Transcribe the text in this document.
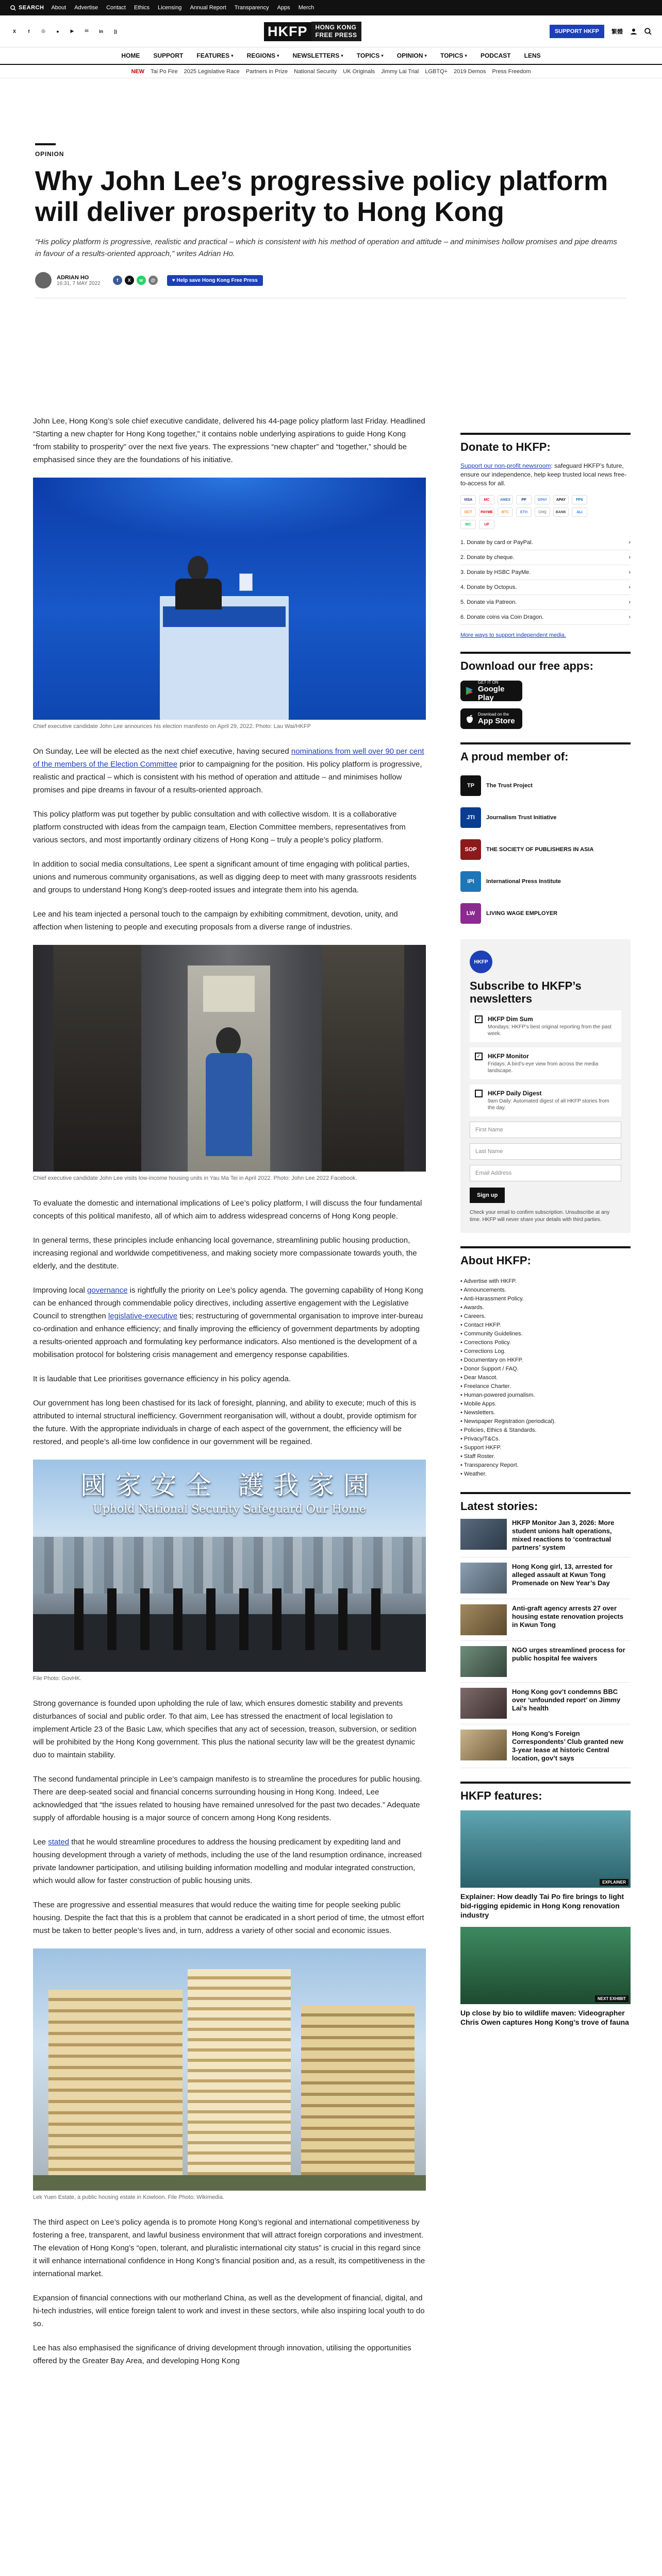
SEARCH About Advertise Contact Ethics Licensing Annual Report Transparency Apps Merch
X	f	◎	●	▶	✉	in	))	HKFP	HONG KONG
FREE PRESS	SUPPORT HKFP	繁體
HOME SUPPORT FEATURES ▾ REGIONS ▾ NEWSLETTERS ▾ TOPICS ▾ OPINION ▾ TOPICS ▾ PODCAST LENS
NEW Tai Po Fire 2025 Legislative Race Partners in Prize National Security UK Originals Jimmy Lai Trial LGBTQ+ 2019 Demos Press Freedom
OPINION
Why John Lee’s progressive policy platform will deliver prosperity to Hong Kong
“His policy platform is progressive, realistic and practical – which is consistent with his method of operation and attitude – and minimises hollow promises and pipe dreams in favour of a results-oriented approach,” writes Adrian Ho.
ADRIAN HO
16:31, 7 MAY 2022
f	X	w	@	♥ Help save Hong Kong Free Press

John Lee, Hong Kong’s sole chief executive candidate, delivered his 44-page policy platform last Friday. Headlined “Starting a new chapter for Hong Kong together,” it contains noble underlying aspirations to guide Hong Kong “from stability to prosperity” over the next five years. The expressions “new chapter” and “together,” should be emphasised since they are the foundations of his initiative.

Chief executive candidate John Lee announces his election manifesto on April 29, 2022. Photo: Lau Wai/HKFP

On Sunday, Lee will be elected as the next chief executive, having secured nominations from well over 90 per cent of the members of the Election Committee prior to campaigning for the position. His policy platform is progressive, realistic and practical – which is consistent with his method of operation and attitude – and minimises hollow promises and pipe dreams in favour of a results-oriented approach.

This policy platform was put together by public consultation and with collective wisdom. It is a collaborative platform constructed with ideas from the campaign team, Election Committee members, representatives from various sectors, and most importantly ordinary citizens of Hong Kong – truly a people’s policy platform.

In addition to social media consultations, Lee spent a significant amount of time engaging with political parties, unions and numerous community organisations, as well as digging deep to meet with many grassroots residents and groups to understand Hong Kong’s deep-rooted issues and integrate them into his agenda.

Lee and his team injected a personal touch to the campaign by exhibiting commitment, devotion, unity, and affection when listening to people and executing proposals from a diverse range of industries.

Chief executive candidate John Lee visits low-income housing units in Yau Ma Tei in April 2022. Photo: John Lee 2022 Facebook.

To evaluate the domestic and international implications of Lee’s policy platform, I will discuss the four fundamental concepts of this political manifesto, all of which aim to address widespread concerns of Hong Kong people.

In general terms, these principles include enhancing local governance, streamlining public housing production, increasing regional and worldwide competitiveness, and making society more compassionate towards youth, the elderly, and the destitute.

Improving local governance is rightfully the priority on Lee’s policy agenda. The governing capability of Hong Kong can be enhanced through commendable policy directives, including assertive engagement with the Legislative Council to strengthen legislative-executive ties; restructuring of governmental organisation to improve inter-bureau co-ordination and enhance efficiency; and finally improving the efficiency of government departments by adopting a results-oriented approach and formulating key performance indicators. Also mentioned is the development of a mobilisation protocol for bolstering crisis management and emergency response capabilities.

It is laudable that Lee prioritises governance efficiency in his policy agenda.

Our government has long been chastised for its lack of foresight, planning, and ability to execute; much of this is attributed to internal structural inefficiency. Government reorganisation will, without a doubt, provide optimism for the future. With the appropriate individuals in charge of each aspect of the government, the efficiency will be restored, and people’s all-time low confidence in our government will be regained.

國家安全 護我家園
Uphold National Security Safeguard Our Home
File Photo: GovHK.

Strong governance is founded upon upholding the rule of law, which ensures domestic stability and prevents disturbances of social and public order. To that aim, Lee has stressed the enactment of local legislation to implement Article 23 of the Basic Law, which specifies that any act of secession, treason, subversion, or sedition will be prohibited by the Hong Kong government. This plus the national security law will be the greatest dynamic duo to maintain stability.

The second fundamental principle in Lee’s campaign manifesto is to streamline the procedures for public housing. There are deep-seated social and financial concerns surrounding housing in Hong Kong. Indeed, Lee acknowledged that “the issues related to housing have remained unresolved for the past two decades.” Adequate supply of affordable housing is a major source of concern among Hong Kong residents.

Lee stated that he would streamline procedures to address the housing predicament by expediting land and housing development through a variety of methods, including the use of the land resumption ordinance, increased private landowner participation, and utilising building information modelling and modular integrated construction, which would allow for faster construction of public housing units.

These are progressive and essential measures that would reduce the waiting time for people seeking public housing. Despite the fact that this is a problem that cannot be eradicated in a short period of time, the utmost effort must be taken to better people’s lives and, in turn, address a variety of other social and economic issues.

Lek Yuen Estate, a public housing estate in Kowloon. File Photo: Wikimedia.

The third aspect on Lee’s policy agenda is to promote Hong Kong’s regional and international competitiveness by fostering a free, transparent, and lawful business environment that will attract foreign corporations and investment. The elevation of Hong Kong’s “open, tolerant, and pluralistic international city status” is crucial in this regard since it will enhance international confidence in Hong Kong’s financial position and, as a result, its competitiveness in the international market.

Expansion of financial connections with our motherland China, as well as the development of financial, digital, and hi-tech industries, will entice foreign talent to work and invest in these sectors, while also inspiring local youth to do so.

Lee has also emphasised the significance of driving development through innovation, utilising the opportunities offered by the Greater Bay Area, and developing Hong Kong

Donate to HKFP:
Support our non-profit newsroom: safeguard HKFP’s future, ensure our independence, help keep trusted local news free-to-access for all.
VISA	MC	AMEX	PP	GPAY	APAY	FPS
OCT	PAYME	BTC	ETH	CHQ	BANK	ALI
WC	UP
1. Donate by card or PayPal.	›
2. Donate by cheque.	›
3. Donate by HSBC PayMe.	›
4. Donate by Octopus.	›
5. Donate via Patreon.	›
6. Donate coins via Coin Dragon.	›
More ways to support independent media.
Download our free apps:
GET IT ON
Google Play
Download on the
App Store
A proud member of:
TP	The Trust Project
JTI	Journalism Trust Initiative
SOP	THE SOCIETY OF PUBLISHERS IN ASIA
IPI	International Press Institute
LW	LIVING WAGE EMPLOYER
HKFP
Subscribe to HKFP’s newsletters
✓ HKFP Dim Sum
Mondays: HKFP’s best original reporting from the past week.
✓ HKFP Monitor
Fridays: A bird’s-eye view from across the media landscape.
HKFP Daily Digest
9am Daily: Automated digest of all HKFP stories from the day.
First Name
Last Name
Email Address
Sign up
Check your email to confirm subscription. Unsubscribe at any time. HKFP will never share your details with third parties.
About HKFP:
• Advertise with HKFP.
• Announcements.
• Anti-Harassment Policy.
• Awards.
• Careers.
• Contact HKFP.
• Community Guidelines.
• Corrections Policy.
• Corrections Log.
• Documentary on HKFP.
• Donor Support / FAQ.
• Dear Mascot.
• Freelance Charter.
• Human-powered journalism.
• Mobile Apps.
• Newsletters.
• Newspaper Registration (periodical).
• Policies, Ethics & Standards.
• Privacy/T&Cs.
• Support HKFP.
• Staff Roster.
• Transparency Report.
• Weather.
Latest stories:
HKFP Monitor Jan 3, 2026: More student unions halt operations, mixed reactions to ‘contractual partners’ system
Hong Kong girl, 13, arrested for alleged assault at Kwun Tong Promenade on New Year’s Day
Anti-graft agency arrests 27 over housing estate renovation projects in Kwun Tong
NGO urges streamlined process for public hospital fee waivers
Hong Kong gov’t condemns BBC over ‘unfounded report’ on Jimmy Lai’s health
Hong Kong’s Foreign Correspondents’ Club granted new 3-year lease at historic Central location, gov’t says
HKFP features:
EXPLAINER
Explainer: How deadly Tai Po fire brings to light bid-rigging epidemic in Hong Kong renovation industry
NEXT EXHIBIT
Up close by bio to wildlife maven: Videographer Chris Owen captures Hong Kong’s trove of fauna
